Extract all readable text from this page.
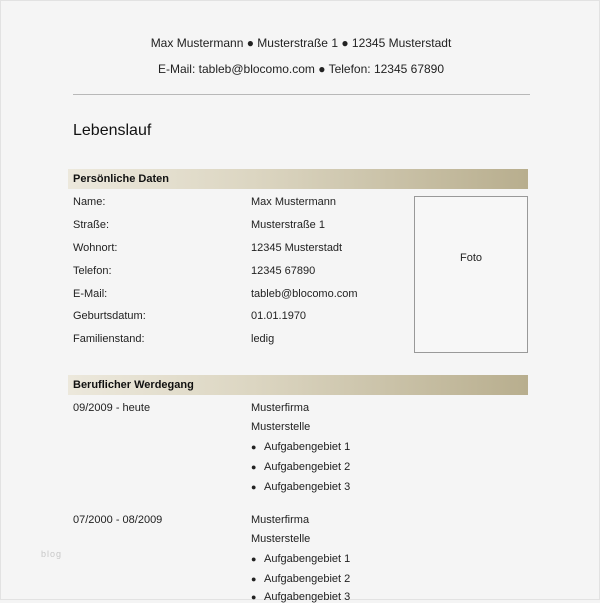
Max Mustermann ● Musterstraße 1 ● 12345 Musterstadt
E-Mail: tableb@blocomo.com ● Telefon: 12345 67890
Lebenslauf
Persönliche Daten
Name:	Max Mustermann
Straße:	Musterstraße 1
Wohnort:	12345 Musterstadt
Telefon:	12345 67890
E-Mail:	tableb@blocomo.com
Geburtsdatum:	01.01.1970
Familienstand:	ledig
Foto
Beruflicher Werdegang
09/2009 - heute	Musterfirma
Musterstelle
● Aufgabengebiet 1
● Aufgabengebiet 2
● Aufgabengebiet 3
07/2000 - 08/2009	Musterfirma
Musterstelle
● Aufgabengebiet 1
● Aufgabengebiet 2
● Aufgabengebiet 3
blog
